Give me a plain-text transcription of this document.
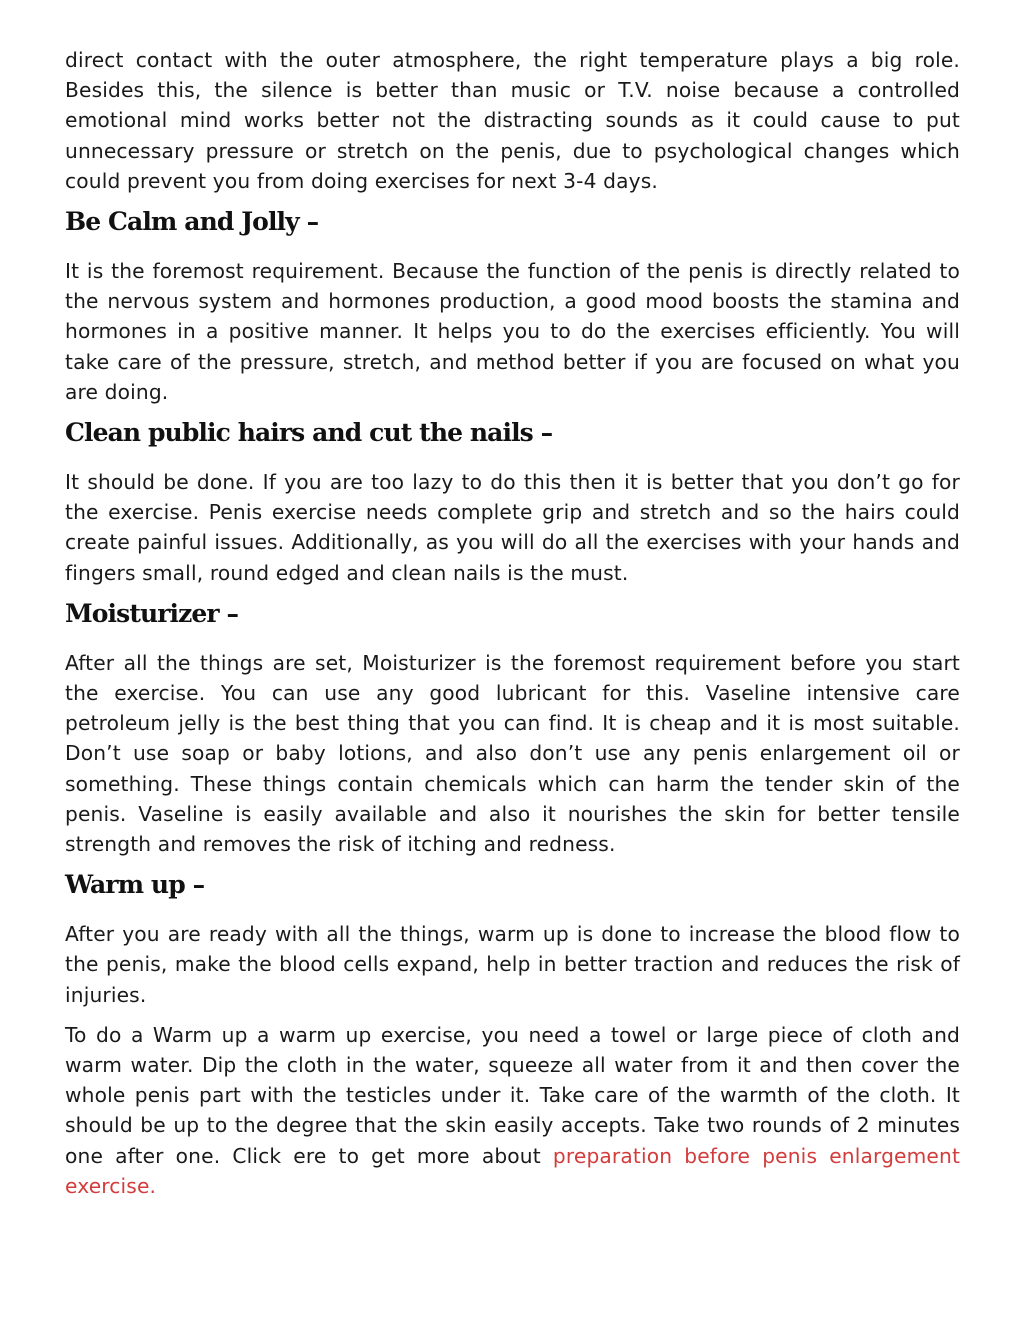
direct contact with the outer atmosphere, the right temperature plays a big role. Besides this, the silence is better than music or T.V. noise because a controlled emotional mind works better not the distracting sounds as it could cause to put unnecessary pressure or stretch on the penis, due to psychological changes which could prevent you from doing exercises for next 3-4 days.

Be Calm and Jolly –

It is the foremost requirement. Because the function of the penis is directly related to the nervous system and hormones production, a good mood boosts the stamina and hormones in a positive manner. It helps you to do the exercises efficiently. You will take care of the pressure, stretch, and method better if you are focused on what you are doing.

Clean public hairs and cut the nails –

It should be done. If you are too lazy to do this then it is better that you don’t go for the exercise. Penis exercise needs complete grip and stretch and so the hairs could create painful issues. Additionally, as you will do all the exercises with your hands and fingers small, round edged and clean nails is the must.

Moisturizer –

After all the things are set, Moisturizer is the foremost requirement before you start the exercise. You can use any good lubricant for this. Vaseline intensive care petroleum jelly is the best thing that you can find. It is cheap and it is most suitable. Don’t use soap or baby lotions, and also don’t use any penis enlargement oil or something. These things contain chemicals which can harm the tender skin of the penis. Vaseline is easily available and also it nourishes the skin for better tensile strength and removes the risk of itching and redness.

Warm up –

After you are ready with all the things, warm up is done to increase the blood flow to the penis, make the blood cells expand, help in better traction and reduces the risk of injuries.

To do a Warm up a warm up exercise, you need a towel or large piece of cloth and warm water. Dip the cloth in the water, squeeze all water from it and then cover the whole penis part with the testicles under it. Take care of the warmth of the cloth. It should be up to the degree that the skin easily accepts. Take two rounds of 2 minutes one after one. Click ere to get more about preparation before penis enlargement exercise.
